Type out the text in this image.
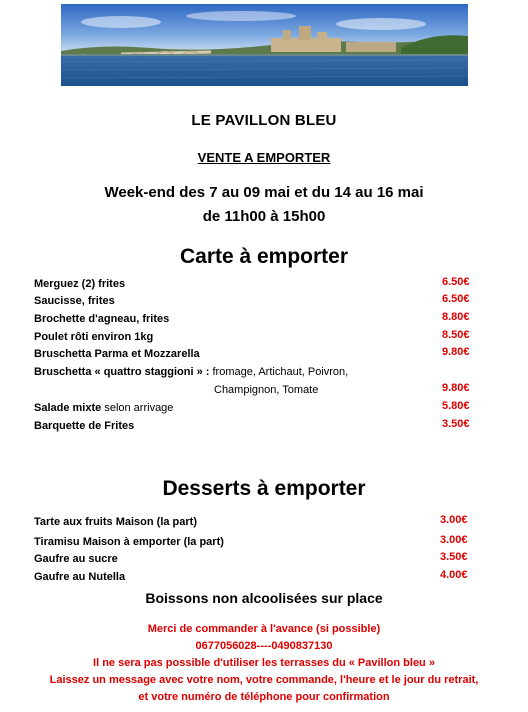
LE PAVILLON BLEU
VENTE A EMPORTER
Week-end des 7 au 09 mai et du 14 au 16 mai
de 11h00 à 15h00
Carte à emporter
Merguez (2) frites	6.50€
Saucisse, frites	6.50€
Brochette d'agneau, frites	8.80€
Poulet rôti environ 1kg	8.50€
Bruschetta Parma et Mozzarella	9.80€
Bruschetta « quattro staggioni » : fromage, Artichaut, Poivron,
Champignon, Tomate	9.80€
Salade mixte selon arrivage	5.80€
Barquette de Frites	3.50€
Desserts à emporter
Tarte aux fruits Maison (la part)	3.00€
Tiramisu Maison à emporter (la part)	3.00€
Gaufre au sucre	3.50€
Gaufre au Nutella	4.00€
Boissons non alcoolisées sur place
Merci de commander à l'avance (si possible)
0677056028----0490837130
Il ne sera pas possible d'utiliser les terrasses du « Pavillon bleu »
Laissez un message avec votre nom, votre commande, l'heure et le jour du retrait,
et votre numéro de téléphone pour confirmation
